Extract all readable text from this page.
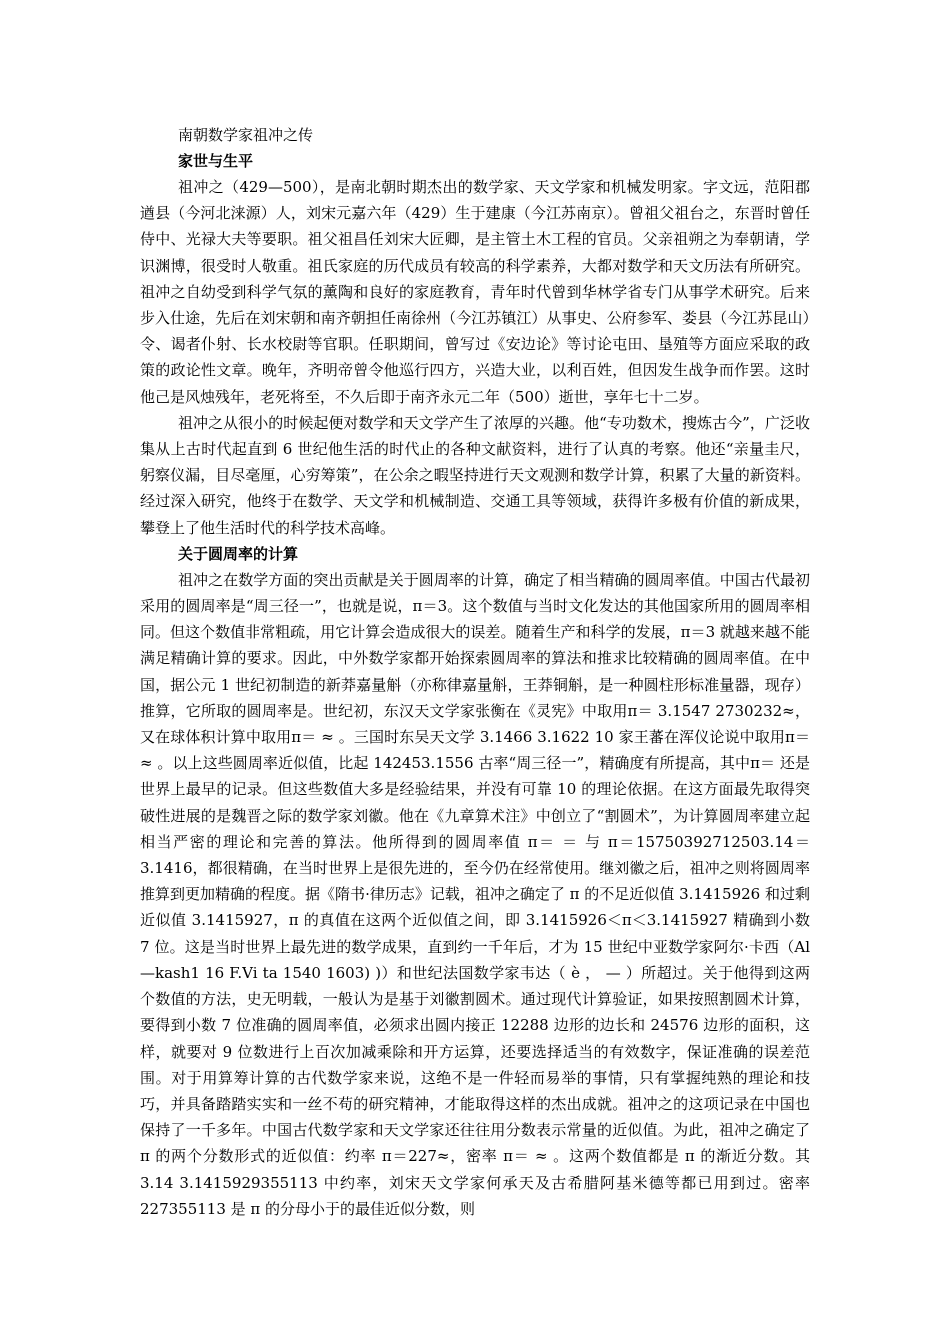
南朝数学家祖冲之传

家世与生平

祖冲之（429—500），是南北朝时期杰出的数学家、天文学家和机械发明家。字文远，范阳郡遒县（今河北涞源）人，刘宋元嘉六年（429）生于建康（今江苏南京）。曾祖父祖台之，东晋时曾任侍中、光禄大夫等要职。祖父祖昌任刘宋大匠卿，是主管土木工程的官员。父亲祖朔之为奉朝请，学识渊博，很受时人敬重。祖氏家庭的历代成员有较高的科学素养，大都对数学和天文历法有所研究。祖冲之自幼受到科学气氛的薰陶和良好的家庭教育，青年时代曾到华林学省专门从事学术研究。后来步入仕途，先后在刘宋朝和南齐朝担任南徐州（今江苏镇江）从事史、公府参军、娄县（今江苏昆山）令、谒者仆射、长水校尉等官职。任职期间，曾写过《安边论》等讨论屯田、垦殖等方面应采取的政策的政论性文章。晚年，齐明帝曾令他巡行四方，兴造大业，以利百姓，但因发生战争而作罢。这时他己是风烛残年，老死将至，不久后即于南齐永元二年（500）逝世，享年七十二岁。

祖冲之从很小的时候起便对数学和天文学产生了浓厚的兴趣。他“专功数术，搜炼古今”，广泛收集从上古时代起直到 6 世纪他生活的时代止的各种文献资料，进行了认真的考察。他还“亲量圭尺，躬察仪漏，目尽毫厘，心穷筹策”，在公余之暇坚持进行天文观测和数学计算，积累了大量的新资料。经过深入研究，他终于在数学、天文学和机械制造、交通工具等领域，获得许多极有价值的新成果，攀登上了他生活时代的科学技术高峰。

关于圆周率的计算

祖冲之在数学方面的突出贡献是关于圆周率的计算，确定了相当精确的圆周率值。中国古代最初采用的圆周率是“周三径一”，也就是说，π＝3。这个数值与当时文化发达的其他国家所用的圆周率相同。但这个数值非常粗疏，用它计算会造成很大的误差。随着生产和科学的发展，π＝3 就越来越不能满足精确计算的要求。因此，中外数学家都开始探索圆周率的算法和推求比较精确的圆周率值。在中国，据公元 1 世纪初制造的新莽嘉量斛（亦称律嘉量斛，王莽铜斛，是一种圆柱形标准量器，现存）推算，它所取的圆周率是。世纪初，东汉天文学家张衡在《灵宪》中取用π＝ 3.1547 2730232≈，又在球体积计算中取用π＝ ≈ 。三国时东吴天文学 3.1466 3.1622 10 家王蕃在浑仪论说中取用π＝ ≈ 。以上这些圆周率近似值，比起 142453.1556 古率“周三径一”，精确度有所提高，其中π＝ 还是世界上最早的记录。但这些数值大多是经验结果，并没有可靠 10 的理论依据。在这方面最先取得突破性进展的是魏晋之际的数学家刘徽。他在《九章算术注》中创立了“割圆术”，为计算圆周率建立起相当严密的理论和完善的算法。他所得到的圆周率值 π＝ ＝ 与 π＝15750392712503.14＝3.1416，都很精确，在当时世界上是很先进的，至今仍在经常使用。继刘徽之后，祖冲之则将圆周率推算到更加精确的程度。据《隋书·律历志》记载，祖冲之确定了 π 的不足近似值 3.1415926 和过剩近似值 3.1415927，π 的真值在这两个近似值之间，即 3.1415926＜π＜3.1415927 精确到小数 7 位。这是当时世界上最先进的数学成果，直到约一千年后，才为 15 世纪中亚数学家阿尔·卡西（Al—kash1 16 F.Vi ta 1540 1603) )）和世纪法国数学家韦达（ è ， — ）所超过。关于他得到这两个数值的方法，史无明载，一般认为是基于刘徽割圆术。通过现代计算验证，如果按照割圆术计算，要得到小数 7 位准确的圆周率值，必须求出圆内接正 12288 边形的边长和 24576 边形的面积，这样，就要对 9 位数进行上百次加减乘除和开方运算，还要选择适当的有效数字，保证准确的误差范围。对于用算筹计算的古代数学家来说，这绝不是一件轻而易举的事情，只有掌握纯熟的理论和技巧，并具备踏踏实实和一丝不苟的研究精神，才能取得这样的杰出成就。祖冲之的这项记录在中国也保持了一千多年。中国古代数学家和天文学家还往往用分数表示常量的近似值。为此，祖冲之确定了 π 的两个分数形式的近似值：约率 π＝227≈，密率 π＝ ≈ 。这两个数值都是 π 的渐近分数。其 3.14 3.1415929355113 中约率，刘宋天文学家何承天及古希腊阿基米德等都已用到过。密率 227355113 是 π 的分母小于的最佳近似分数，则
